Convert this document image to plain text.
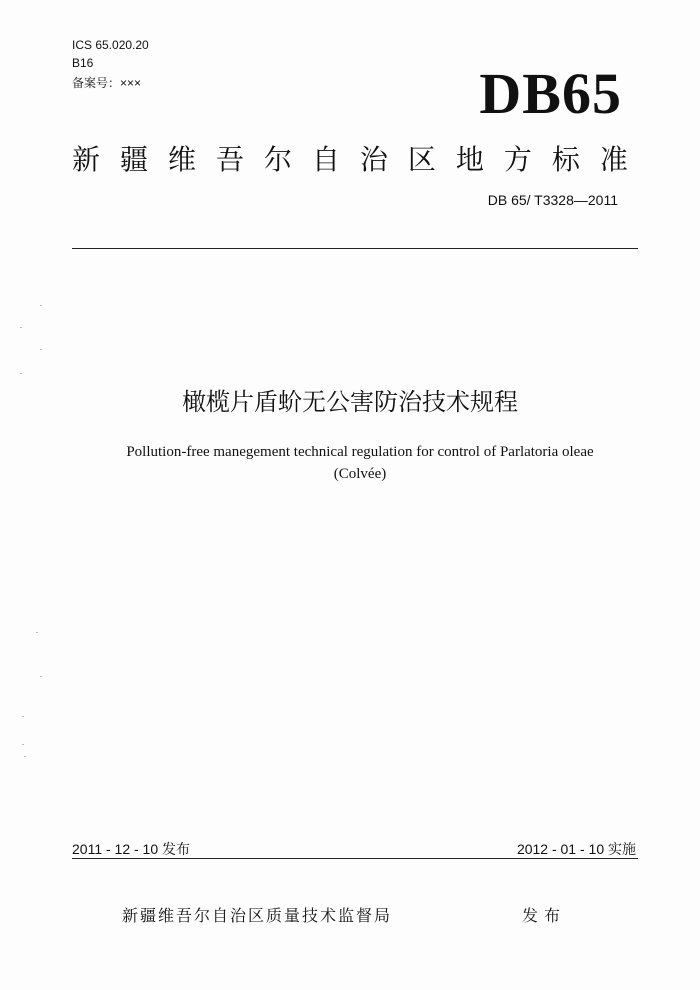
ICS 65.020.20
B16
备案号：×××	DB65
新 疆 维 吾 尔 自 治 区 地 方 标 准
DB 65/ T3328—2011
橄榄片盾蚧无公害防治技术规程
Pollution-free manegement technical regulation for control of Parlatoria oleae
(Colvée)
2011 - 12 - 10 发布	2012 - 01 - 10 实施
新疆维吾尔自治区质量技术监督局	发布
